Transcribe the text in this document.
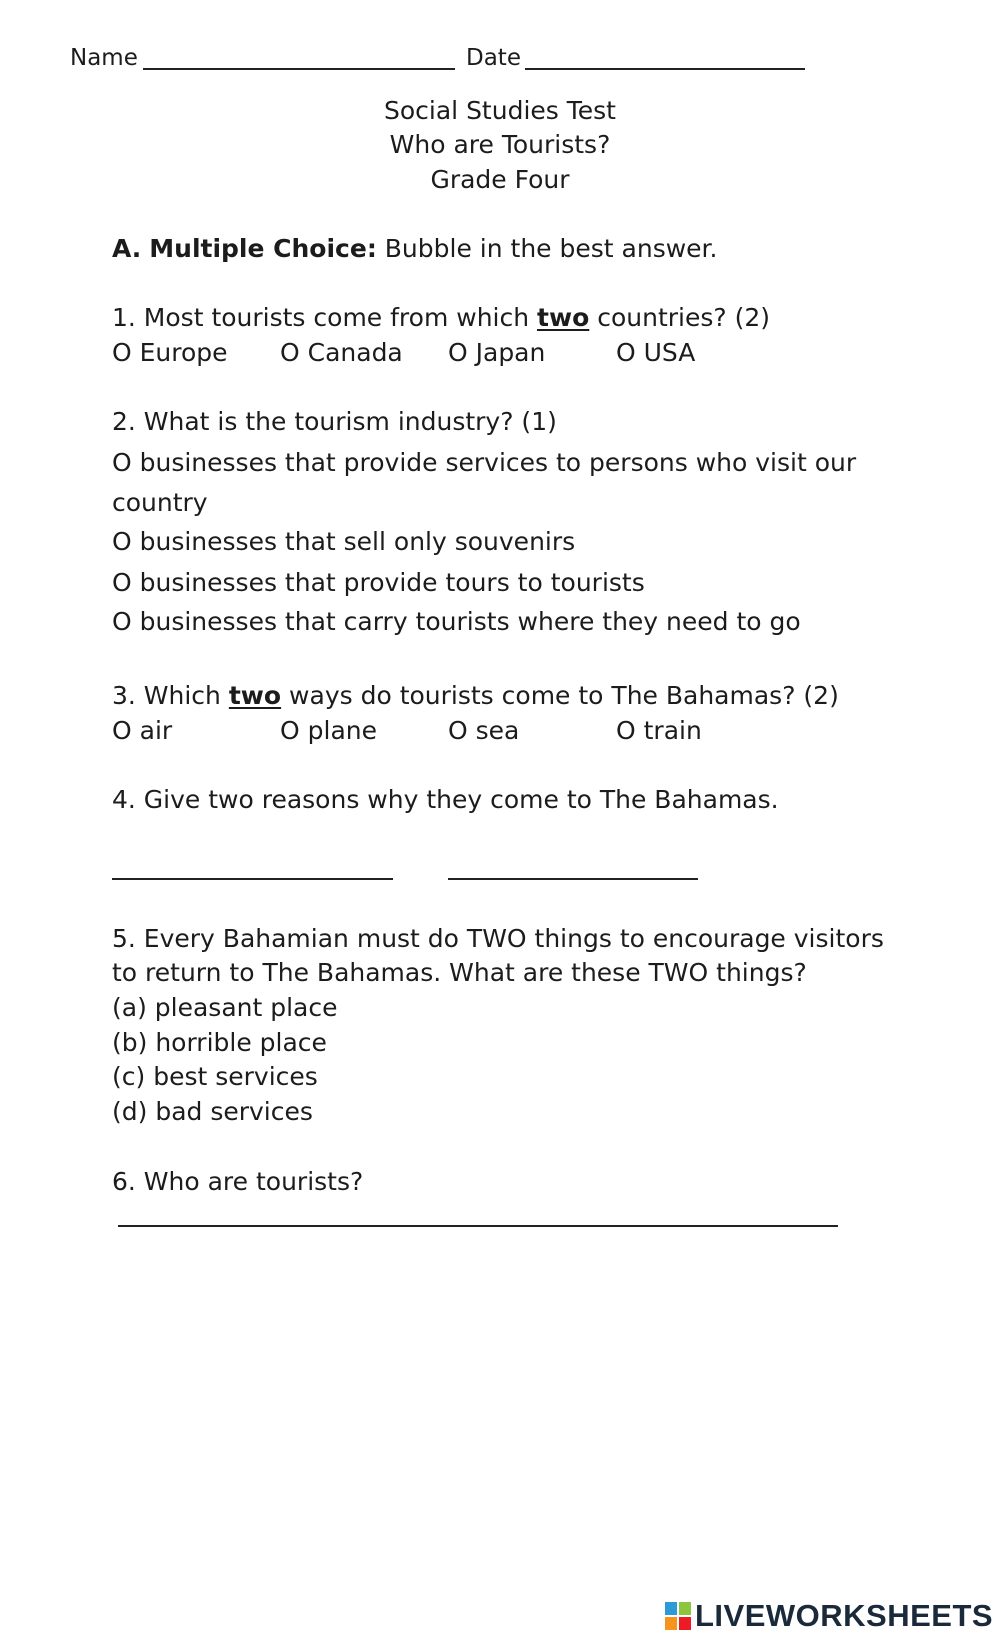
Name	Date
Social Studies Test
Who are Tourists?
Grade Four
A. Multiple Choice: Bubble in the best answer.
1. Most tourists come from which two countries? (2)
O Europe O Canada O Japan	O USA
2. What is the tourism industry? (1)
O businesses that provide services to persons who visit our
country
O businesses that sell only souvenirs
O businesses that provide tours to tourists
O businesses that carry tourists where they need to go
3. Which two ways do tourists come to The Bahamas? (2)
O air	O plane	O sea	O train
4. Give two reasons why they come to The Bahamas.
5. Every Bahamian must do TWO things to encourage visitors
to return to The Bahamas. What are these TWO things?
(a) pleasant place
(b) horrible place
(c) best services
(d) bad services
6. Who are tourists?
LIVEWORKSHEETS
